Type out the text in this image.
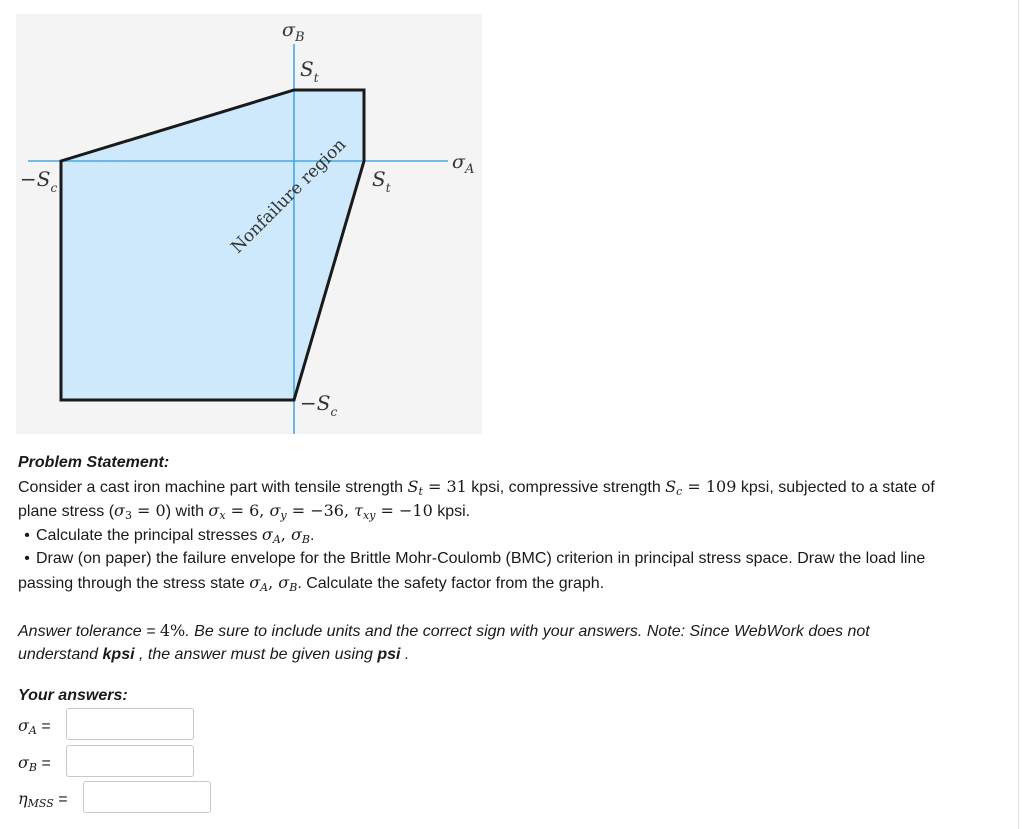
$\sigma_B$
$S_t$
$\sigma_A$
$S_t$
$-S_c$
$-S_c$
Nonfailure region
Problem Statement:
Consider a cast iron machine part with tensile strength $S_t = 31$ kpsi, compressive strength $S_c = 109$ kpsi, subjected to a state of
plane stress $(\sigma_3 = 0)$ with $\sigma_x = 6$, $\sigma_y = -36$, $\tau_{xy} = -10$ kpsi.
• Calculate the principal stresses $\sigma_A$, $\sigma_B$.
• Draw (on paper) the failure envelope for the Brittle Mohr-Coulomb (BMC) criterion in principal stress space. Draw the load line
passing through the stress state $\sigma_A$, $\sigma_B$. Calculate the safety factor from the graph.
Answer tolerance = 4%. Be sure to include units and the correct sign with your answers. Note: Since WebWork does not
understand kpsi , the answer must be given using psi .
Your answers:
$\sigma_A$ =
$\sigma_B$ =
$\eta_{MSS}$ =
